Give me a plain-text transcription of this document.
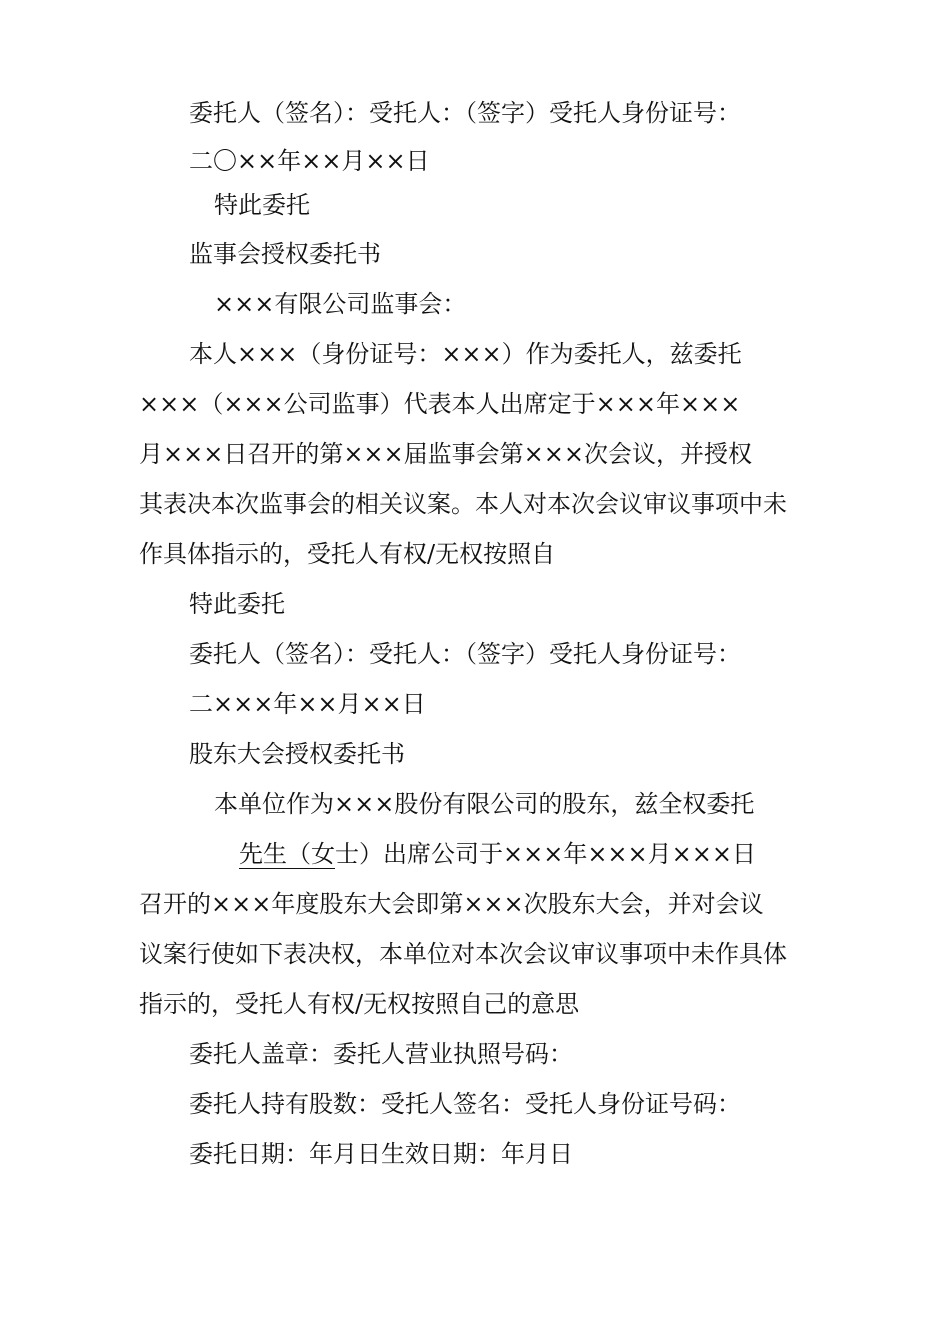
委托人（签名）：受托人：（签字）受托人身份证号：
二〇××年××月××日
特此委托
监事会授权委托书
×××有限公司监事会：
本人×××（身份证号：×××）作为委托人，兹委托
×××（×××公司监事）代表本人出席定于×××年×××
月×××日召开的第×××届监事会第×××次会议，并授权
其表决本次监事会的相关议案。本人对本次会议审议事项中未
作具体指示的，受托人有权/无权按照自
特此委托
委托人（签名）：受托人：（签字）受托人身份证号：
二×××年××月××日
股东大会授权委托书
本单位作为×××股份有限公司的股东，兹全权委托
先生（女士）出席公司于×××年×××月×××日
召开的×××年度股东大会即第×××次股东大会，并对会议
议案行使如下表决权，本单位对本次会议审议事项中未作具体
指示的，受托人有权/无权按照自己的意思
委托人盖章：委托人营业执照号码：
委托人持有股数：受托人签名：受托人身份证号码：
委托日期：年月日生效日期：年月日
